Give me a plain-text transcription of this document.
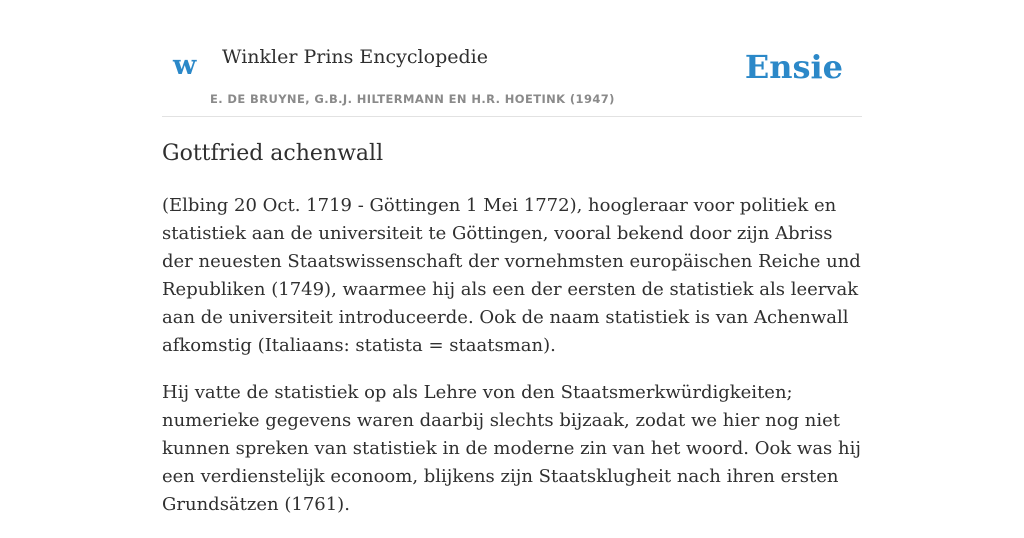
w Winkler Prins Encyclopedie
E. DE BRUYNE, G.B.J. HILTERMANN EN H.R. HOETINK (1947)
Ensie
Gottfried achenwall

(Elbing 20 Oct. 1719 - Göttingen 1 Mei 1772), hoogleraar voor politiek en statistiek aan de universiteit te Göttingen, vooral bekend door zijn Abriss der neuesten Staatswissenschaft der vornehmsten europäischen Reiche und Republiken (1749), waarmee hij als een der eersten de statistiek als leervak aan de universiteit introduceerde. Ook de naam statistiek is van Achenwall afkomstig (Italiaans: statista = staatsman).

Hij vatte de statistiek op als Lehre von den Staatsmerkwürdigkeiten; numerieke gegevens waren daarbij slechts bijzaak, zodat we hier nog niet kunnen spreken van statistiek in de moderne zin van het woord. Ook was hij een verdienstelijk econoom, blijkens zijn Staatsklugheit nach ihren ersten Grundsätzen (1761).
